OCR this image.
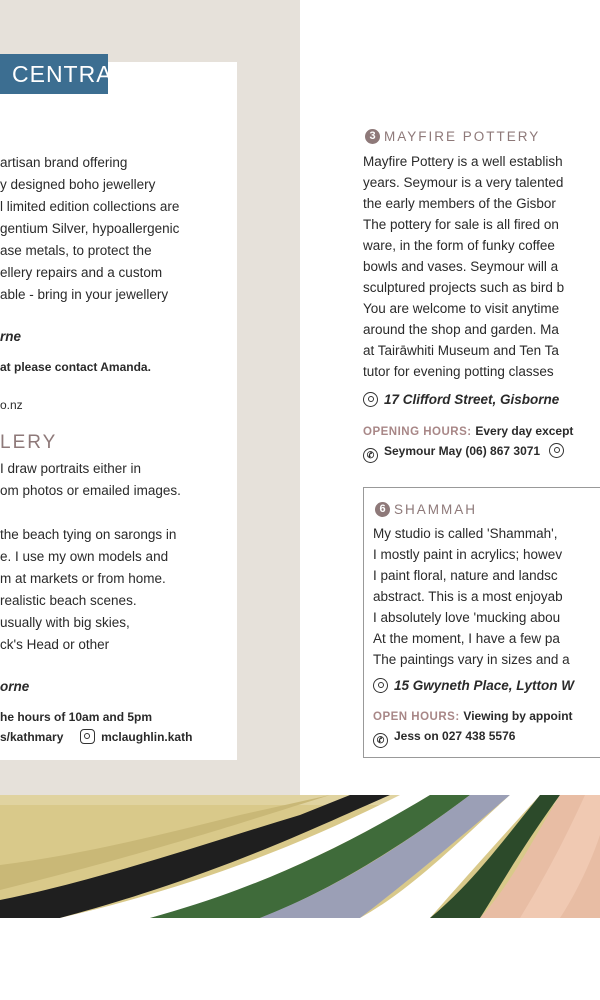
artisan brand offering
y designed boho jewellery
l limited edition collections are
gentium Silver, hypoallergenic
ase metals, to protect the
ellery repairs and a custom
able - bring in your jewellery
rne
at please contact Amanda.
o.nz
LERY
I draw portraits either in
om photos or emailed images.
the beach tying on sarongs in
e. I use my own models and
m at markets or from home.
realistic beach scenes.
usually with big skies,
ck's Head or other
orne
he hours of 10am and 5pm
s/kathmary	mclaughlin.kath
CENTRAL
3 MAYFIRE POTTERY
Mayfire Pottery is a well establish
years. Seymour is a very talented
the early members of the Gisbor
The pottery for sale is all fired on
ware, in the form of funky coffee
bowls and vases. Seymour will a
sculptured projects such as bird b
You are welcome to visit anytime
around the shop and garden. Ma
at Tairāwhiti Museum and Ten Ta
tutor for evening potting classes
17 Clifford Street, Gisborne
OPENING HOURS: Every day except
✆ Seymour May (06) 867 3071
6 SHAMMAH
My studio is called 'Shammah',
I mostly paint in acrylics; howev
I paint floral, nature and landsc
abstract. This is a most enjoyab
I absolutely love 'mucking abou
At the moment, I have a few pa
The paintings vary in sizes and a
15 Gwyneth Place, Lytton W
OPEN HOURS: Viewing by appoint
✆ Jess on 027 438 5576
